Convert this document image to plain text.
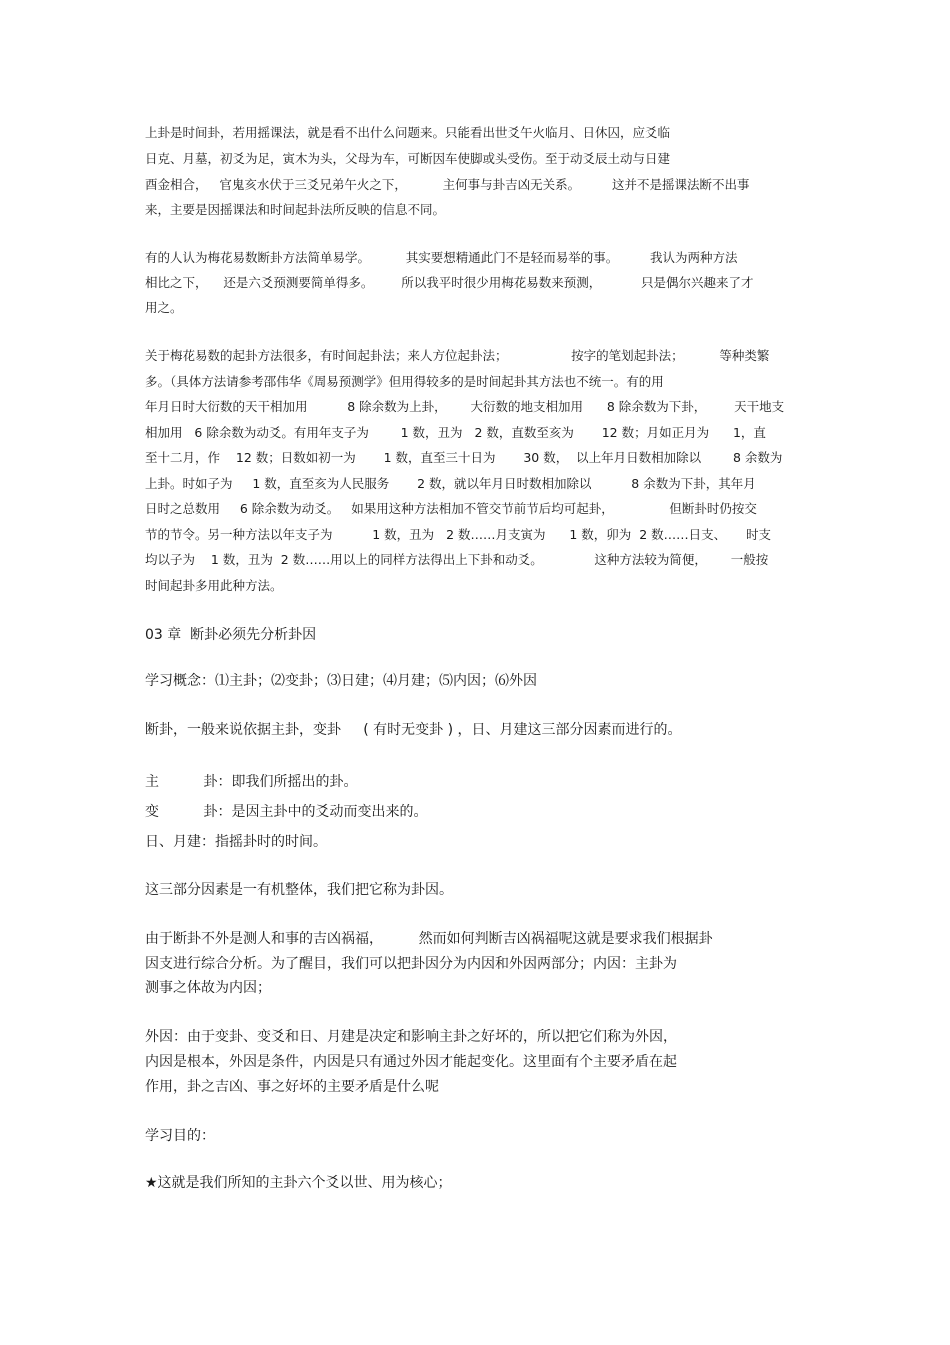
上卦是时间卦，若用摇课法，就是看不出什么问题来。只能看出世爻午火临月、日休囚，应爻临
日克、月墓，初爻为足，寅木为头，父母为车，可断因车使脚或头受伤。至于动爻辰土动与日建
酉金相合，   官鬼亥水伏于三爻兄弟午火之下，         主何事与卦吉凶无关系。        这并不是摇课法断不出事
来，主要是因摇课法和时间起卦法所反映的信息不同。
有的人认为梅花易数断卦方法简单易学。         其实要想精通此门不是轻而易举的事。        我认为两种方法
相比之下，    还是六爻预测要简单得多。       所以我平时很少用梅花易数来预测，          只是偶尔兴趣来了才
用之。
关于梅花易数的起卦方法很多，有时间起卦法；来人方位起卦法；                按字的笔划起卦法；         等种类繁
多。（具体方法请参考邵伟华《周易预测学》但用得较多的是时间起卦其方法也不统一。有的用
年月日时大衍数的天干相加用          8 除余数为上卦，      大衍数的地支相加用      8 除余数为下卦，       天干地支
相加用   6 除余数为动爻。有用年支子为        1 数，丑为   2 数，直数至亥为       12 数；月如正月为      1，直
至十二月，作    12 数；日数如初一为       1 数，直至三十日为       30 数，  以上年月日数相加除以        8 余数为
上卦。时如子为     1 数，直至亥为人民服务       2 数，就以年月日时数相加除以          8 余数为下卦，其年月
日时之总数用     6 除余数为动爻。   如果用这种方法相加不管交节前节后均可起卦，              但断卦时仍按交
节的节令。另一种方法以年支子为          1 数，丑为   2 数……月支寅为      1 数，卯为  2 数……日支、     时支
均以子为    1 数，丑为  2 数……用以上的同样方法得出上下卦和动爻。             这种方法较为简便，      一般按
时间起卦多用此种方法。
03 章  断卦必须先分析卦因
学习概念：⑴主卦；⑵变卦；⑶日建；⑷月建；⑸内因；⑹外因
断卦，一般来说依据主卦，变卦     ( 有时无变卦 ) ，日、月建这三部分因素而进行的。
主          卦：即我们所摇出的卦。
变          卦：是因主卦中的爻动而变出来的。
日、月建：指摇卦时的时间。
这三部分因素是一有机整体，我们把它称为卦因。
由于断卦不外是测人和事的吉凶祸福，        然而如何判断吉凶祸福呢这就是要求我们根据卦
因支进行综合分析。为了醒目，我们可以把卦因分为内因和外因两部分；内因：主卦为
测事之体故为内因；
外因：由于变卦、变爻和日、月建是决定和影响主卦之好坏的，所以把它们称为外因，
内因是根本，外因是条件，内因是只有通过外因才能起变化。这里面有个主要矛盾在起
作用，卦之吉凶、事之好坏的主要矛盾是什么呢
学习目的：
★这就是我们所知的主卦六个爻以世、用为核心；
